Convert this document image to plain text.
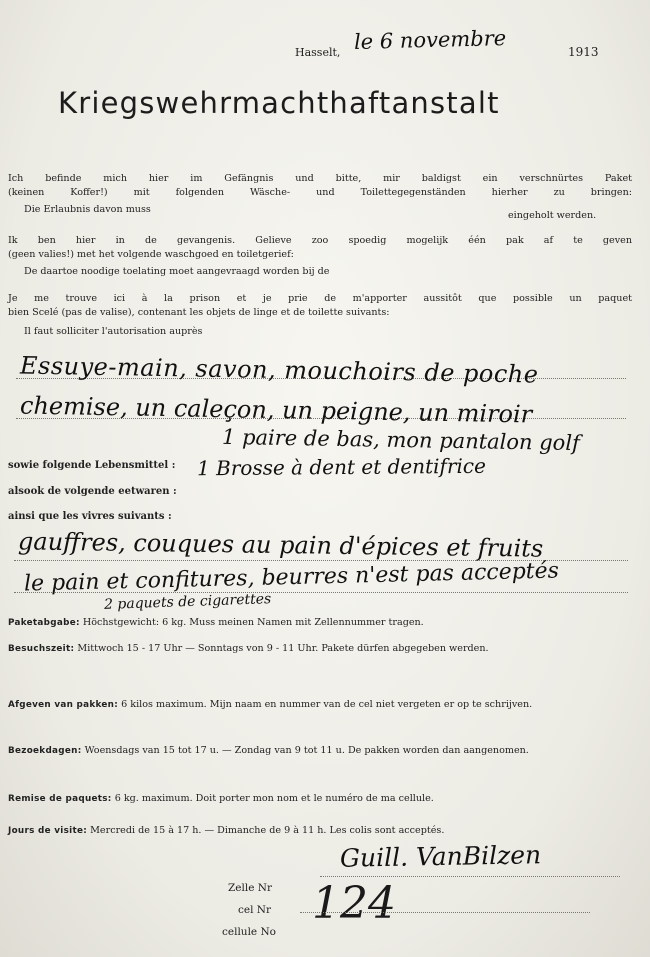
Hasselt, le 6 novembre	1913
Kriegswehrmachthaftanstalt
Ich befinde mich hier im Gefängnis und bitte, mir baldigst ein verschnürtes Paket
(keinen Koffer!) mit folgenden Wäsche- und Toilettegegenständen hierher zu bringen:
Die Erlaubnis davon muss
eingeholt werden.
Ik ben hier in de gevangenis. Gelieve zoo spoedig mogelijk één pak af te geven
(geen valies!) met het volgende waschgoed en toiletgerief:
De daartoe noodige toelating moet aangevraagd worden bij de
Je me trouve ici à la prison et je prie de m'apporter aussitôt que possible un paquet
bien Scelé (pas de valise), contenant les objets de linge et de toilette suivants:
Il faut solliciter l'autorisation auprès
Essuye-main, savon, mouchoirs de poche
chemise, un caleçon, un peigne, un miroir
1 paire de bas, mon pantalon golf
1 Brosse à dent et dentifrice
sowie folgende Lebensmittel :
alsook de volgende eetwaren :
ainsi que les vivres suivants :
gauffres, couques au pain d'épices et fruits
le pain et confitures, beurres n'est pas acceptés
2 paquets de cigarettes
Paketabgabe: Höchstgewicht: 6 kg. Muss meinen Namen mit Zellennummer tragen.
Besuchszeit: Mittwoch 15 - 17 Uhr — Sonntags von 9 - 11 Uhr. Pakete dürfen abgegeben werden.
Afgeven van pakken: 6 kilos maximum. Mijn naam en nummer van de cel niet vergeten er op te schrijven.
Bezoekdagen: Woensdags van 15 tot 17 u. — Zondag van 9 tot 11 u. De pakken worden dan aangenomen.
Remise de paquets: 6 kg. maximum. Doit porter mon nom et le numéro de ma cellule.
Jours de visite: Mercredi de 15 à 17 h. — Dimanche de 9 à 11 h. Les colis sont acceptés.
Guill. VanBilzen
Zelle Nr
cel Nr
cellule No
124
